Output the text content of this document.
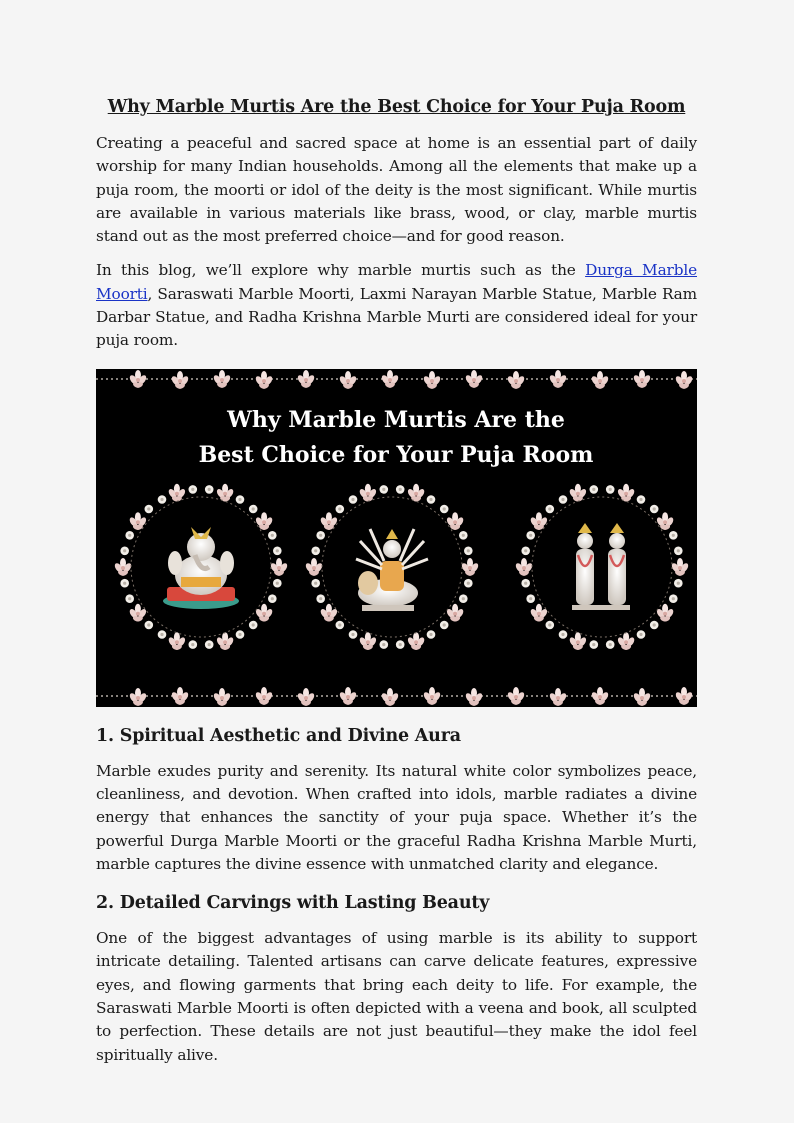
Why Marble Murtis Are the Best Choice for Your Puja Room

Creating a peaceful and sacred space at home is an essential part of daily worship for many Indian households. Among all the elements that make up a puja room, the moorti or idol of the deity is the most significant. While murtis are available in various materials like brass, wood, or clay, marble murtis stand out as the most preferred choice—and for good reason.

In this blog, we’ll explore why marble murtis such as the Durga Marble Moorti, Saraswati Marble Moorti, Laxmi Narayan Marble Statue, Marble Ram Darbar Statue, and Radha Krishna Marble Murti are considered ideal for your puja room.

Why Marble Murtis Are the
Best Choice for Your Puja Room
1. Spiritual Aesthetic and Divine Aura

Marble exudes purity and serenity. Its natural white color symbolizes peace, cleanliness, and devotion. When crafted into idols, marble radiates a divine energy that enhances the sanctity of your puja space. Whether it’s the powerful Durga Marble Moorti or the graceful Radha Krishna Marble Murti, marble captures the divine essence with unmatched clarity and elegance.

2. Detailed Carvings with Lasting Beauty

One of the biggest advantages of using marble is its ability to support intricate detailing. Talented artisans can carve delicate features, expressive eyes, and flowing garments that bring each deity to life. For example, the Saraswati Marble Moorti is often depicted with a veena and book, all sculpted to perfection. These details are not just beautiful—they make the idol feel spiritually alive.
